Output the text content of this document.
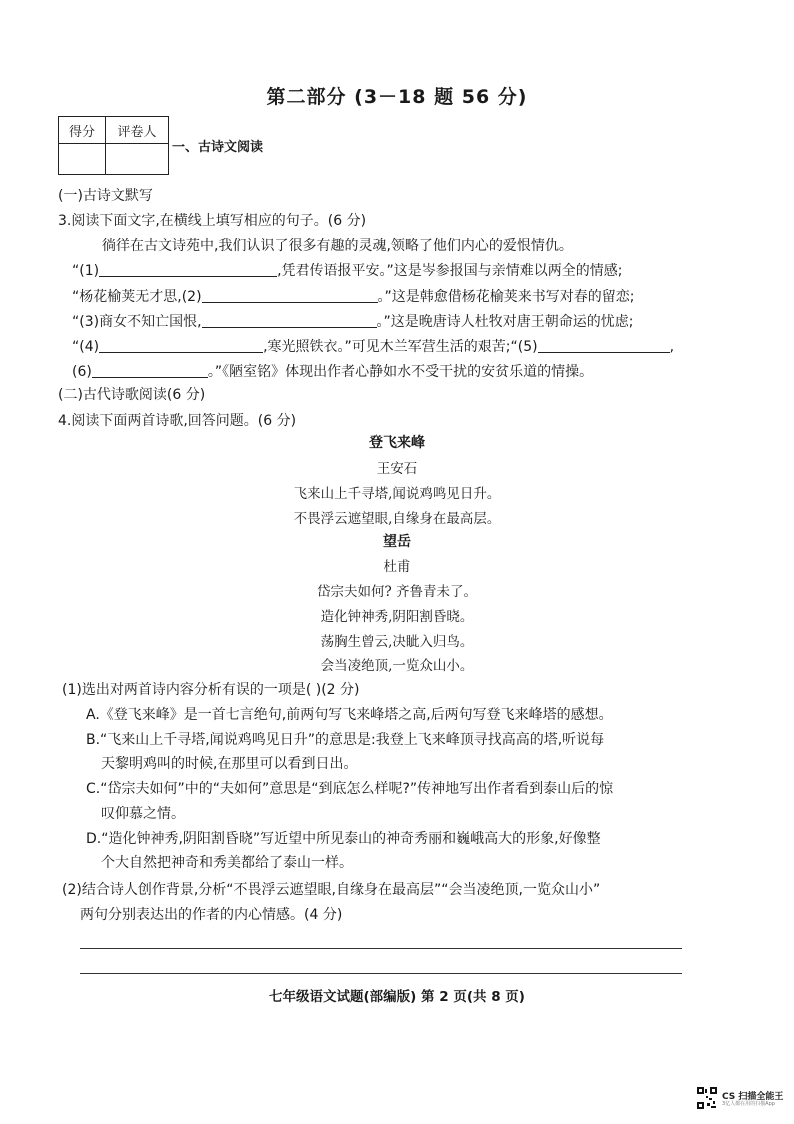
第二部分 (3－18 题 56 分)
得分	评卷人

一、古诗文阅读
(一)古诗文默写
3.阅读下面文字,在横线上填写相应的句子。(6 分)
徜徉在古文诗苑中,我们认识了很多有趣的灵魂,领略了他们内心的爱恨情仇。
“(1)	,凭君传语报平安。”这是岑参报国与亲情难以两全的情感;
“杨花榆荚无才思,(2)	。”这是韩愈借杨花榆荚来书写对春的留恋;
“(3)商女不知亡国恨,	。”这是晚唐诗人杜牧对唐王朝命运的忧虑;
“(4)	,寒光照铁衣。”可见木兰军营生活的艰苦;“(5)	,
(6)	。”《陋室铭》体现出作者心静如水不受干扰的安贫乐道的情操。
(二)古代诗歌阅读(6 分)
4.阅读下面两首诗歌,回答问题。(6 分)
登飞来峰
王安石
飞来山上千寻塔,闻说鸡鸣见日升。
不畏浮云遮望眼,自缘身在最高层。
望岳
杜甫
岱宗夫如何? 齐鲁青未了。
造化钟神秀,阴阳割昏晓。
荡胸生曾云,决眦入归鸟。
会当凌绝顶,一览众山小。
(1)选出对两首诗内容分析有误的一项是( )(2 分)
A.《登飞来峰》是一首七言绝句,前两句写飞来峰塔之高,后两句写登飞来峰塔的感想。
B.“飞来山上千寻塔,闻说鸡鸣见日升”的意思是:我登上飞来峰顶寻找高高的塔,听说每
天黎明鸡叫的时候,在那里可以看到日出。
C.“岱宗夫如何”中的“夫如何”意思是“到底怎么样呢?”传神地写出作者看到泰山后的惊
叹仰慕之情。
D.“造化钟神秀,阴阳割昏晓”写近望中所见泰山的神奇秀丽和巍峨高大的形象,好像整
个大自然把神奇和秀美都给了泰山一样。
(2)结合诗人创作背景,分析“不畏浮云遮望眼,自缘身在最高层”“会当凌绝顶,一览众山小”
两句分别表达出的作者的内心情感。(4 分)
七年级语文试题(部编版) 第 2 页(共 8 页)
CS 扫描全能王
3亿人都在用的扫描App
